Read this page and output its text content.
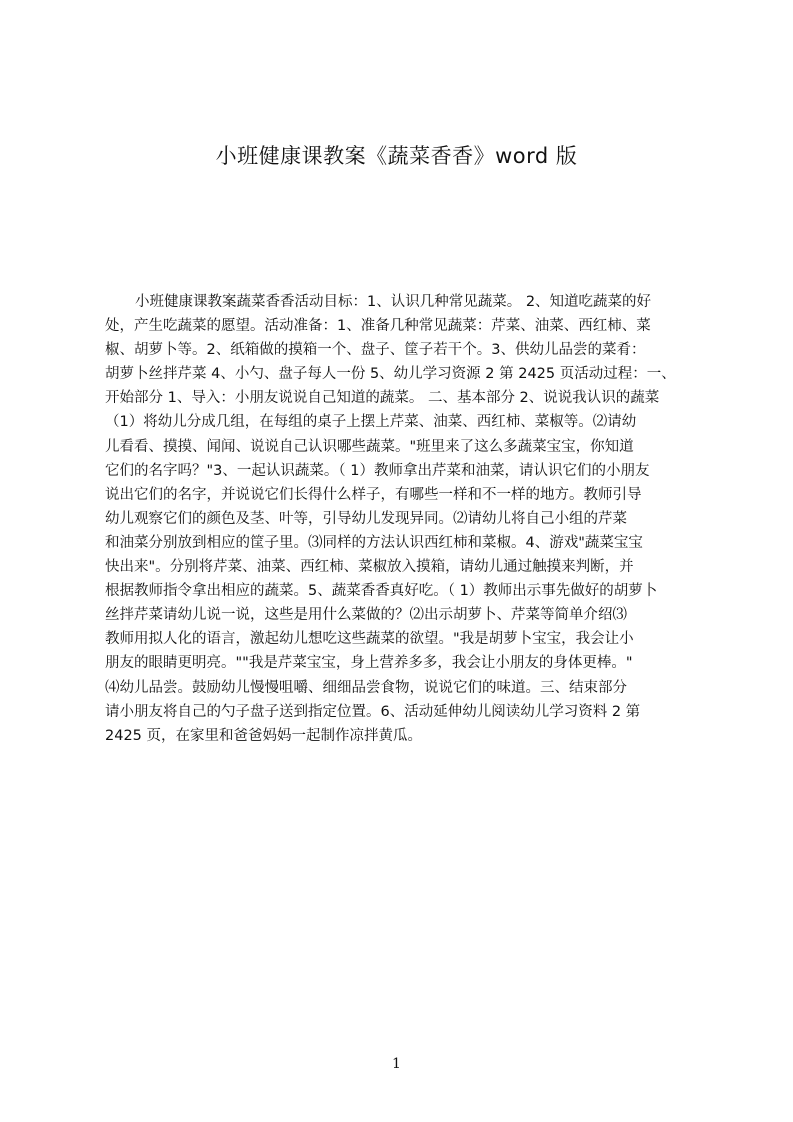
小班健康课教案《蔬菜香香》word 版
小班健康课教案蔬菜香香活动目标：1、认识几种常见蔬菜。 2、知道吃蔬菜的好
处，产生吃蔬菜的愿望。活动准备：1、准备几种常见蔬菜：芹菜、油菜、西红柿、菜
椒、胡萝卜等。2、纸箱做的摸箱一个、盘子、筐子若干个。3、供幼儿品尝的菜肴：
胡萝卜丝拌芹菜 4、小勺、盘子每人一份 5、幼儿学习资源 2 第 2425 页活动过程：一、
开始部分 1、导入：小朋友说说自己知道的蔬菜。 二、基本部分 2、说说我认识的蔬菜
（1）将幼儿分成几组，在每组的桌子上摆上芹菜、油菜、西红柿、菜椒等。⑵请幼
儿看看、摸摸、闻闻、说说自己认识哪些蔬菜。"班里来了这么多蔬菜宝宝，你知道
它们的名字吗？"3、一起认识蔬菜。（ 1）教师拿出芹菜和油菜，请认识它们的小朋友
说出它们的名字，并说说它们长得什么样子，有哪些一样和不一样的地方。教师引导
幼儿观察它们的颜色及茎、叶等，引导幼儿发现异同。⑵请幼儿将自己小组的芹菜
和油菜分别放到相应的筐子里。⑶同样的方法认识西红柿和菜椒。4、游戏"蔬菜宝宝
快出来"。分别将芹菜、油菜、西红柿、菜椒放入摸箱，请幼儿通过触摸来判断，并
根据教师指令拿出相应的蔬菜。5、蔬菜香香真好吃。（ 1）教师出示事先做好的胡萝卜
丝拌芹菜请幼儿说一说，这些是用什么菜做的？⑵出示胡萝卜、芹菜等简单介绍⑶
教师用拟人化的语言，激起幼儿想吃这些蔬菜的欲望。"我是胡萝卜宝宝，我会让小
朋友的眼睛更明亮。""我是芹菜宝宝，身上营养多多，我会让小朋友的身体更棒。"
⑷幼儿品尝。鼓励幼儿慢慢咀嚼、细细品尝食物，说说它们的味道。三、结束部分
请小朋友将自己的勺子盘子送到指定位置。6、活动延伸幼儿阅读幼儿学习资料 2 第
2425 页，在家里和爸爸妈妈一起制作凉拌黄瓜。
1
